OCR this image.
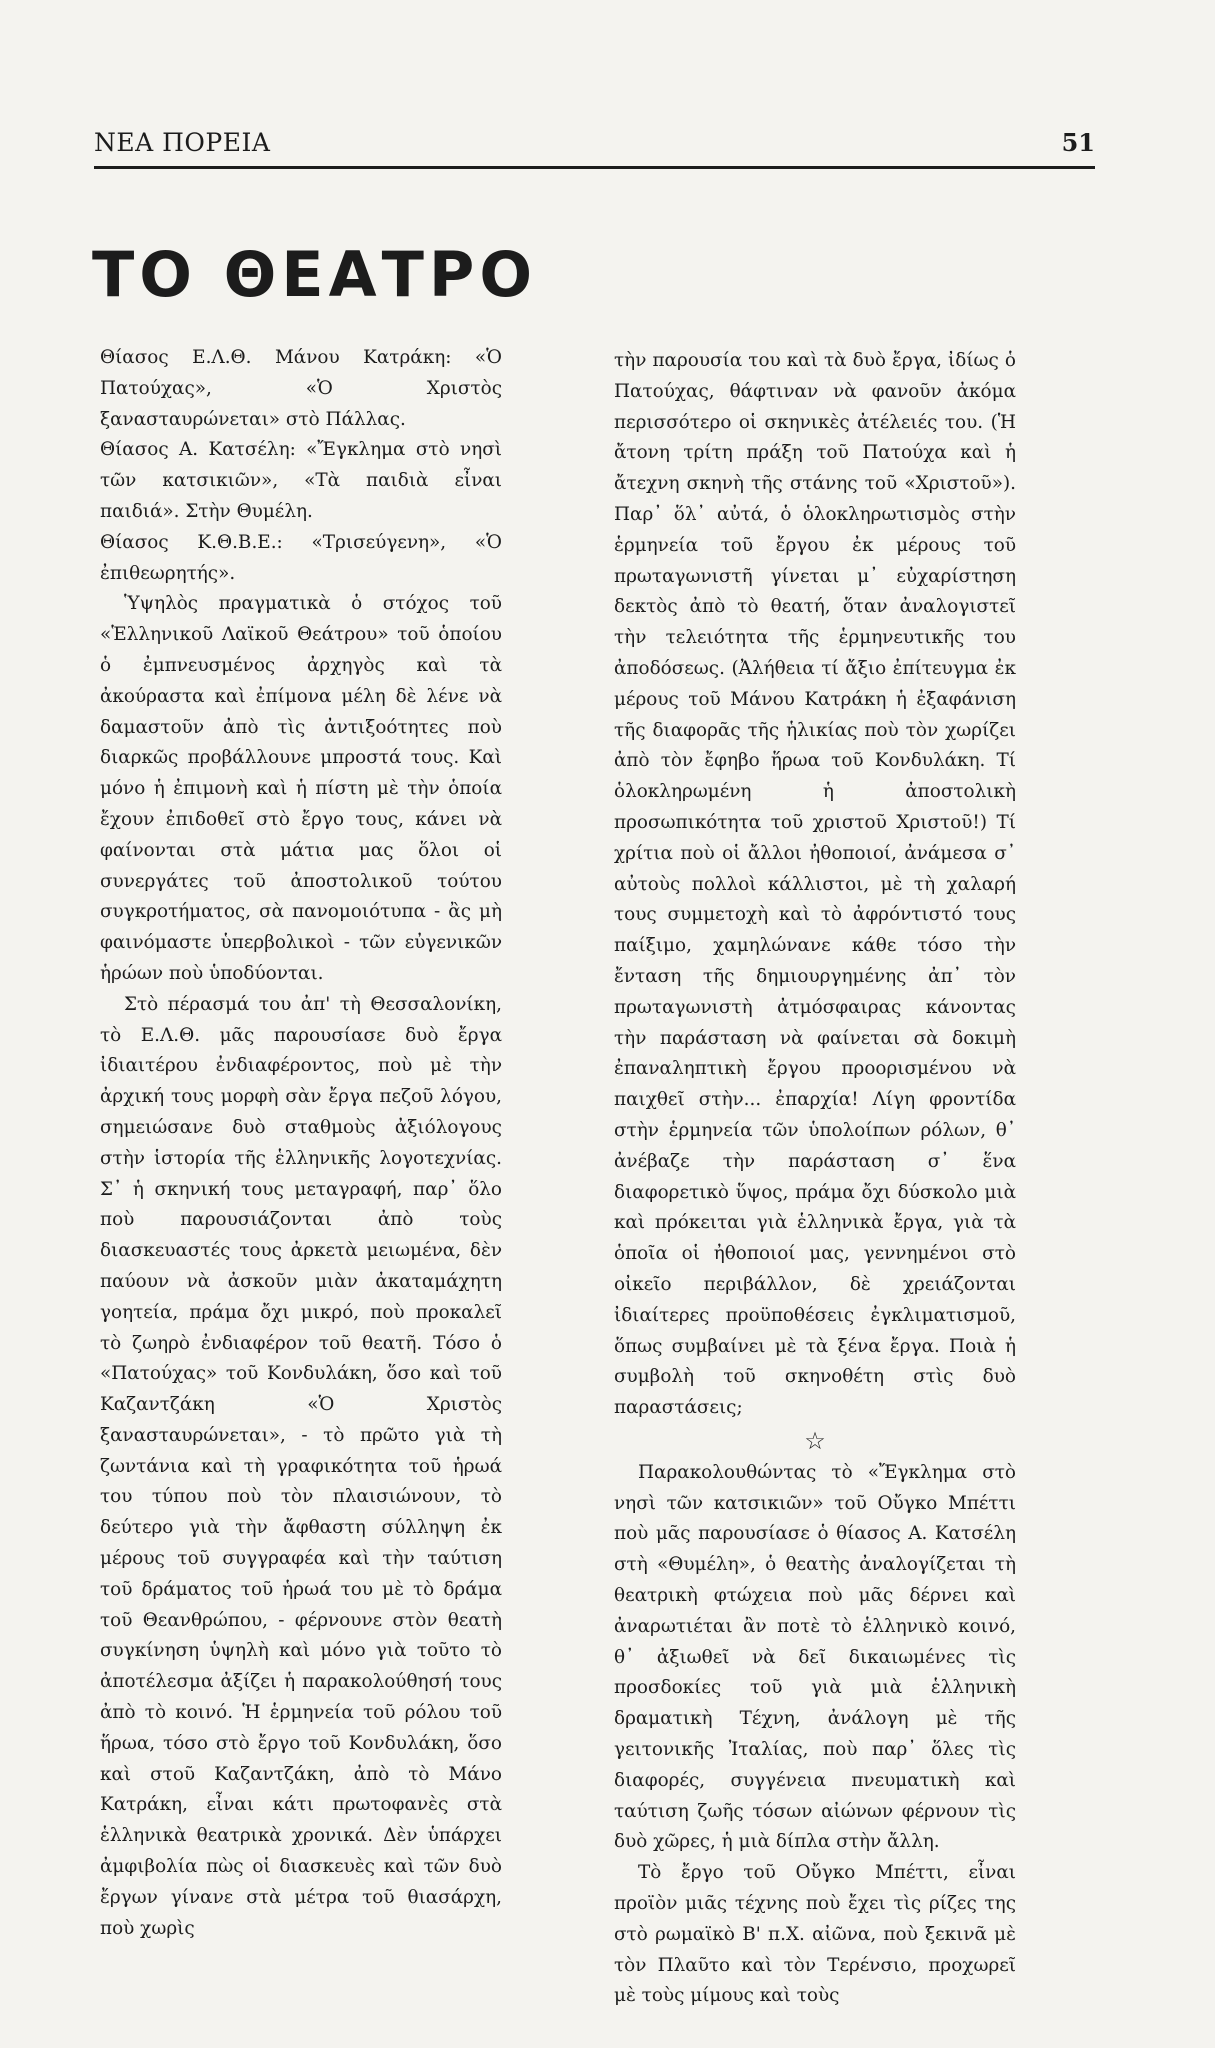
ΝΕΑ ΠΟΡΕΙΑ	51
ΤΟ ΘΕΑΤΡΟ

Θίασος Ε.Λ.Θ. Μάνου Κατράκη: «Ὁ Πατούχας», «Ὁ Χριστὸς ξανασταυρώνεται» στὸ Πάλλας.

Θίασος Α. Κατσέλη: «Ἔγκλημα στὸ νησὶ τῶν κατσικιῶν», «Τὰ παιδιὰ εἶναι παιδιά». Στὴν Θυμέλη.

Θίασος Κ.Θ.Β.Ε.: «Τρισεύγενη», «Ὁ ἐπιθεωρητής».

Ὑψηλὸς πραγματικὰ ὁ στόχος τοῦ «Ἑλληνικοῦ Λαϊκοῦ Θεάτρου» τοῦ ὁποίου ὁ ἐμπνευσμένος ἀρχηγὸς καὶ τὰ ἀκούραστα καὶ ἐπίμονα μέλη δὲ λένε νὰ δαμαστοῦν ἀπὸ τὶς ἀντιξοότητες ποὺ διαρκῶς προβάλλουνε μπροστά τους. Καὶ μόνο ἡ ἐπιμονὴ καὶ ἡ πίστη μὲ τὴν ὁποία ἔχουν ἐπιδοθεῖ στὸ ἔργο τους, κάνει νὰ φαίνονται στὰ μάτια μας ὅλοι οἱ συνεργάτες τοῦ ἀποστολικοῦ τούτου συγκροτήματος, σὰ πανομοιότυπα - ἂς μὴ φαινόμαστε ὑπερβολικοὶ - τῶν εὐγενικῶν ἡρώων ποὺ ὑποδύονται.

Στὸ πέρασμά του ἀπ' τὴ Θεσσαλονίκη, τὸ Ε.Λ.Θ. μᾶς παρουσίασε δυὸ ἔργα ἰδιαιτέρου ἐνδιαφέροντος, ποὺ μὲ τὴν ἀρχική τους μορφὴ σὰν ἔργα πεζοῦ λόγου, σημειώσανε δυὸ σταθμοὺς ἀξιόλογους στὴν ἱστορία τῆς ἑλληνικῆς λογοτεχνίας. Σ᾽ ἡ σκηνική τους μεταγραφή, παρ᾽ ὅλο ποὺ παρουσιάζονται ἀπὸ τοὺς διασκευαστές τους ἀρκετὰ μειωμένα, δὲν παύουν νὰ ἀσκοῦν μιὰν ἀκαταμάχητη γοητεία, πράμα ὄχι μικρό, ποὺ προκαλεῖ τὸ ζωηρὸ ἐνδιαφέρον τοῦ θεατῆ. Τόσο ὁ «Πατούχας» τοῦ Κονδυλάκη, ὅσο καὶ τοῦ Καζαντζάκη «Ὁ Χριστὸς ξανασταυρώνεται», - τὸ πρῶτο γιὰ τὴ ζωντάνια καὶ τὴ γραφικότητα τοῦ ἡρωά του τύπου ποὺ τὸν πλαισιώνουν, τὸ δεύτερο γιὰ τὴν ἄφθαστη σύλληψη ἐκ μέρους τοῦ συγγραφέα καὶ τὴν ταύτιση τοῦ δράματος τοῦ ἡρωά του μὲ τὸ δράμα τοῦ Θεανθρώπου, - φέρνουνε στὸν θεατὴ συγκίνηση ὑψηλὴ καὶ μόνο γιὰ τοῦτο τὸ ἀποτέλεσμα ἀξίζει ἡ παρακολούθησή τους ἀπὸ τὸ κοινό. Ἡ ἑρμηνεία τοῦ ρόλου τοῦ ἥρωα, τόσο στὸ ἔργο τοῦ Κονδυλάκη, ὅσο καὶ στοῦ Καζαντζάκη, ἀπὸ τὸ Μάνο Κατράκη, εἶναι κάτι πρωτοφανὲς στὰ ἑλληνικὰ θεατρικὰ χρονικά. Δὲν ὑπάρχει ἀμφιβολία πὼς οἱ διασκευὲς καὶ τῶν δυὸ ἔργων γίνανε στὰ μέτρα τοῦ θιασάρχη, ποὺ χωρὶς

τὴν παρουσία του καὶ τὰ δυὸ ἔργα, ἰδίως ὁ Πατούχας, θάφτιναν νὰ φανοῦν ἀκόμα περισσότερο οἱ σκηνικὲς ἀτέλειές του. (Ἡ ἄτονη τρίτη πράξη τοῦ Πατούχα καὶ ἡ ἄτεχνη σκηνὴ τῆς στάνης τοῦ «Χριστοῦ»). Παρ᾽ ὅλ᾽ αὐτά, ὁ ὁλοκληρωτισμὸς στὴν ἑρμηνεία τοῦ ἔργου ἐκ μέρους τοῦ πρωταγωνιστῆ γίνεται μ᾽ εὐχαρίστηση δεκτὸς ἀπὸ τὸ θεατή, ὅταν ἀναλογιστεῖ τὴν τελειότητα τῆς ἑρμηνευτικῆς του ἀποδόσεως. (Ἀλήθεια τί ἄξιο ἐπίτευγμα ἐκ μέρους τοῦ Μάνου Κατράκη ἡ ἐξαφάνιση τῆς διαφορᾶς τῆς ἡλικίας ποὺ τὸν χωρίζει ἀπὸ τὸν ἔφηβο ἥρωα τοῦ Κονδυλάκη. Τί ὁλοκληρωμένη ἡ ἀποστολικὴ προσωπικότητα τοῦ χριστοῦ Χριστοῦ!) Τί χρίτια ποὺ οἱ ἄλλοι ἠθοποιοί, ἀνάμεσα σ᾽ αὐτοὺς πολλοὶ κάλλιστοι, μὲ τὴ χαλαρή τους συμμετοχὴ καὶ τὸ ἀφρόντιστό τους παίξιμο, χαμηλώνανε κάθε τόσο τὴν ἔνταση τῆς δημιουργημένης ἀπ᾽ τὸν πρωταγωνιστὴ ἀτμόσφαιρας κάνοντας τὴν παράσταση νὰ φαίνεται σὰ δοκιμὴ ἐπαναληπτικὴ ἔργου προορισμένου νὰ παιχθεῖ στὴν... ἐπαρχία! Λίγη φροντίδα στὴν ἑρμηνεία τῶν ὑπολοίπων ρόλων, θ᾽ ἀνέβαζε τὴν παράσταση σ᾽ ἕνα διαφορετικὸ ὕψος, πράμα ὄχι δύσκολο μιὰ καὶ πρόκειται γιὰ ἑλληνικὰ ἔργα, γιὰ τὰ ὁποῖα οἱ ἠθοποιοί μας, γεννημένοι στὸ οἰκεῖο περιβάλλον, δὲ χρειάζονται ἰδιαίτερες προϋποθέσεις ἐγκλιματισμοῦ, ὅπως συμβαίνει μὲ τὰ ξένα ἔργα. Ποιὰ ἡ συμβολὴ τοῦ σκηνοθέτη στὶς δυὸ παραστάσεις;

☆

Παρακολουθώντας τὸ «Ἔγκλημα στὸ νησὶ τῶν κατσικιῶν» τοῦ Οὔγκο Μπέττι ποὺ μᾶς παρουσίασε ὁ θίασος Α. Κατσέλη στὴ «Θυμέλη», ὁ θεατὴς ἀναλογίζεται τὴ θεατρικὴ φτώχεια ποὺ μᾶς δέρνει καὶ ἀναρωτιέται ἂν ποτὲ τὸ ἑλληνικὸ κοινό, θ᾽ ἀξιωθεῖ νὰ δεῖ δικαιωμένες τὶς προσδοκίες τοῦ γιὰ μιὰ ἑλληνικὴ δραματικὴ Τέχνη, ἀνάλογη μὲ τῆς γειτονικῆς Ἰταλίας, ποὺ παρ᾽ ὅλες τὶς διαφορές, συγγένεια πνευματικὴ καὶ ταύτιση ζωῆς τόσων αἰώνων φέρνουν τὶς δυὸ χῶρες, ἡ μιὰ δίπλα στὴν ἄλλη.

Τὸ ἔργο τοῦ Οὔγκο Μπέττι, εἶναι προϊὸν μιᾶς τέχνης ποὺ ἔχει τὶς ρίζες της στὸ ρωμαϊκὸ Β' π.Χ. αἰῶνα, ποὺ ξεκινᾶ μὲ τὸν Πλαῦτο καὶ τὸν Τερένσιο, προχωρεῖ μὲ τοὺς μίμους καὶ τοὺς
